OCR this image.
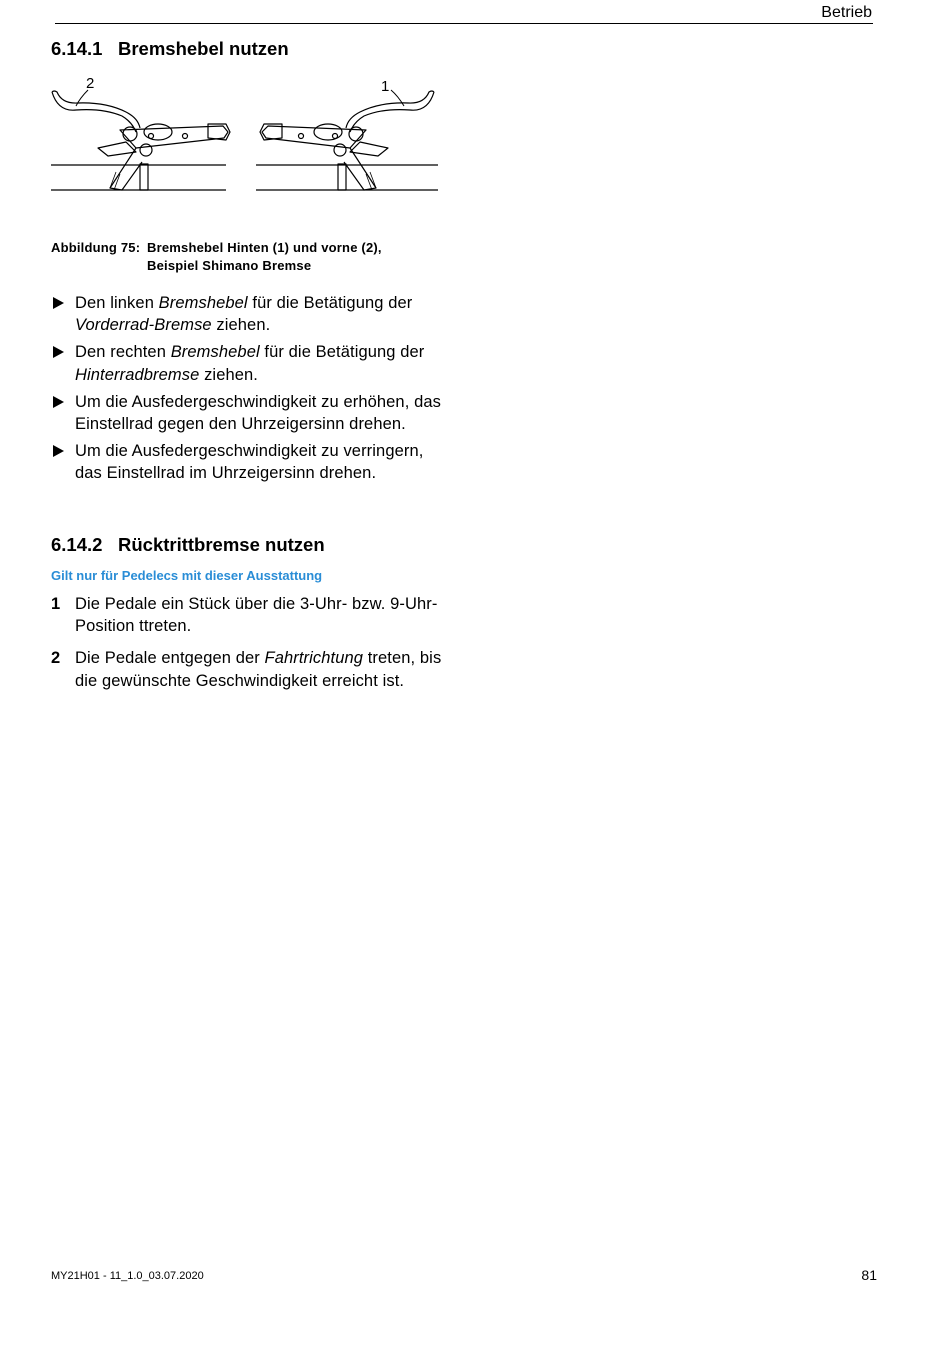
Betrieb
6.14.1 Bremshebel nutzen
2	1
Abbildung 75: Bremshebel Hinten (1) und vorne (2),
Beispiel Shimano Bremse
Den linken Bremshebel für die Betätigung der Vorderrad-Bremse ziehen.
Den rechten Bremshebel für die Betätigung der Hinterradbremse ziehen.
Um die Ausfedergeschwindigkeit zu erhöhen, das Einstellrad gegen den Uhrzeigersinn drehen.
Um die Ausfedergeschwindigkeit zu verringern, das Einstellrad im Uhrzeigersinn drehen.
6.14.2 Rücktrittbremse nutzen
Gilt nur für Pedelecs mit dieser Ausstattung
1 Die Pedale ein Stück über die 3-Uhr- bzw. 9-Uhr-Position ttreten.
2 Die Pedale entgegen der Fahrtrichtung treten, bis die gewünschte Geschwindigkeit erreicht ist.
MY21H01 - 11_1.0_03.07.2020	81
